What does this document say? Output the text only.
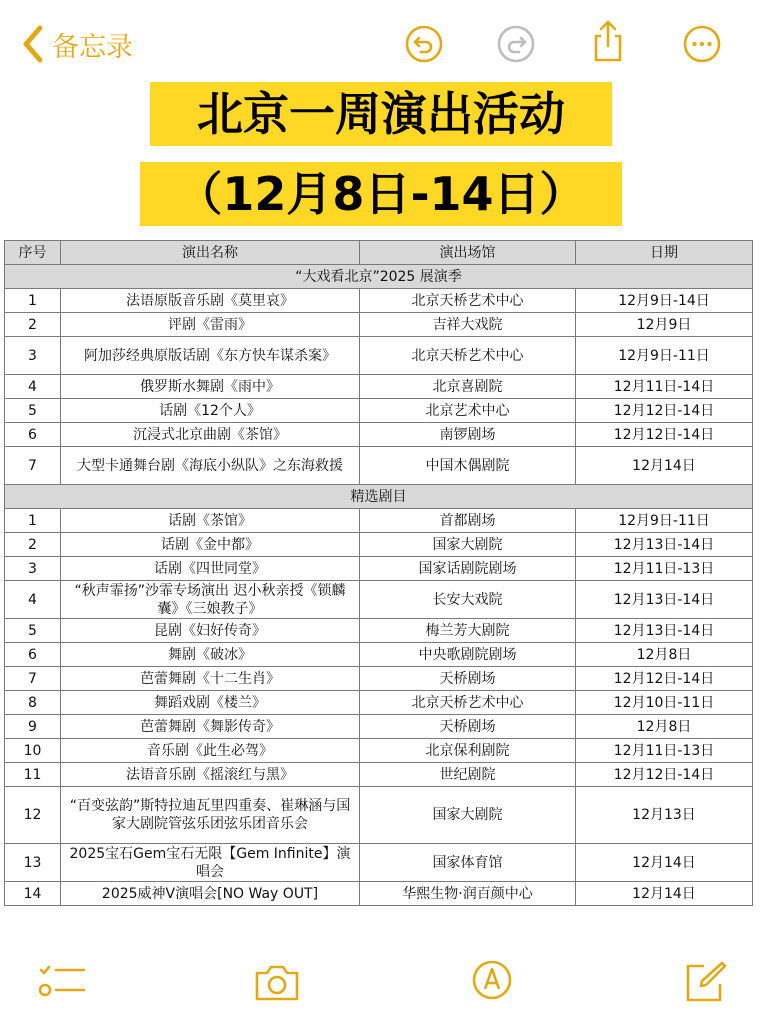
备忘录
北京一周演出活动
（12月8日-14日）
序号	演出名称	演出场馆	日期
“大戏看北京”2025 展演季			
1	法语原版音乐剧《莫里哀》	北京天桥艺术中心	12月9日-14日
2	评剧《雷雨》	吉祥大戏院	12月9日
3	阿加莎经典原版话剧《东方快车谋杀案》	北京天桥艺术中心	12月9日-11日
4	俄罗斯水舞剧《雨中》	北京喜剧院	12月11日-14日
5	话剧《12个人》	北京艺术中心	12月12日-14日
6	沉浸式北京曲剧《茶馆》	南锣剧场	12月12日-14日
7	大型卡通舞台剧《海底小纵队》之东海救援	中国木偶剧院	12月14日
精选剧目			
1	话剧《茶馆》	首都剧场	12月9日-11日
2	话剧《金中都》	国家大剧院	12月13日-14日
3	话剧《四世同堂》	国家话剧院剧场	12月11日-13日
4	“秋声霏扬”沙霏专场演出 迟小秋亲授《锁麟囊》《三娘教子》	长安大戏院	12月13日-14日
5	昆剧《妇好传奇》	梅兰芳大剧院	12月13日-14日
6	舞剧《破冰》	中央歌剧院剧场	12月8日
7	芭蕾舞剧《十二生肖》	天桥剧场	12月12日-14日
8	舞蹈戏剧《楼兰》	北京天桥艺术中心	12月10日-11日
9	芭蕾舞剧《舞影传奇》	天桥剧场	12月8日
10	音乐剧《此生必驾》	北京保利剧院	12月11日-13日
11	法语音乐剧《摇滚红与黑》	世纪剧院	12月12日-14日
12	“百变弦韵”斯特拉迪瓦里四重奏、崔琳涵与国家大剧院管弦乐团弦乐团音乐会	国家大剧院	12月13日
13	2025宝石Gem宝石无限【Gem Infinite】演唱会	国家体育馆	12月14日
14	2025威神V演唱会[NO Way OUT]	华熙生物·润百颜中心	12月14日
